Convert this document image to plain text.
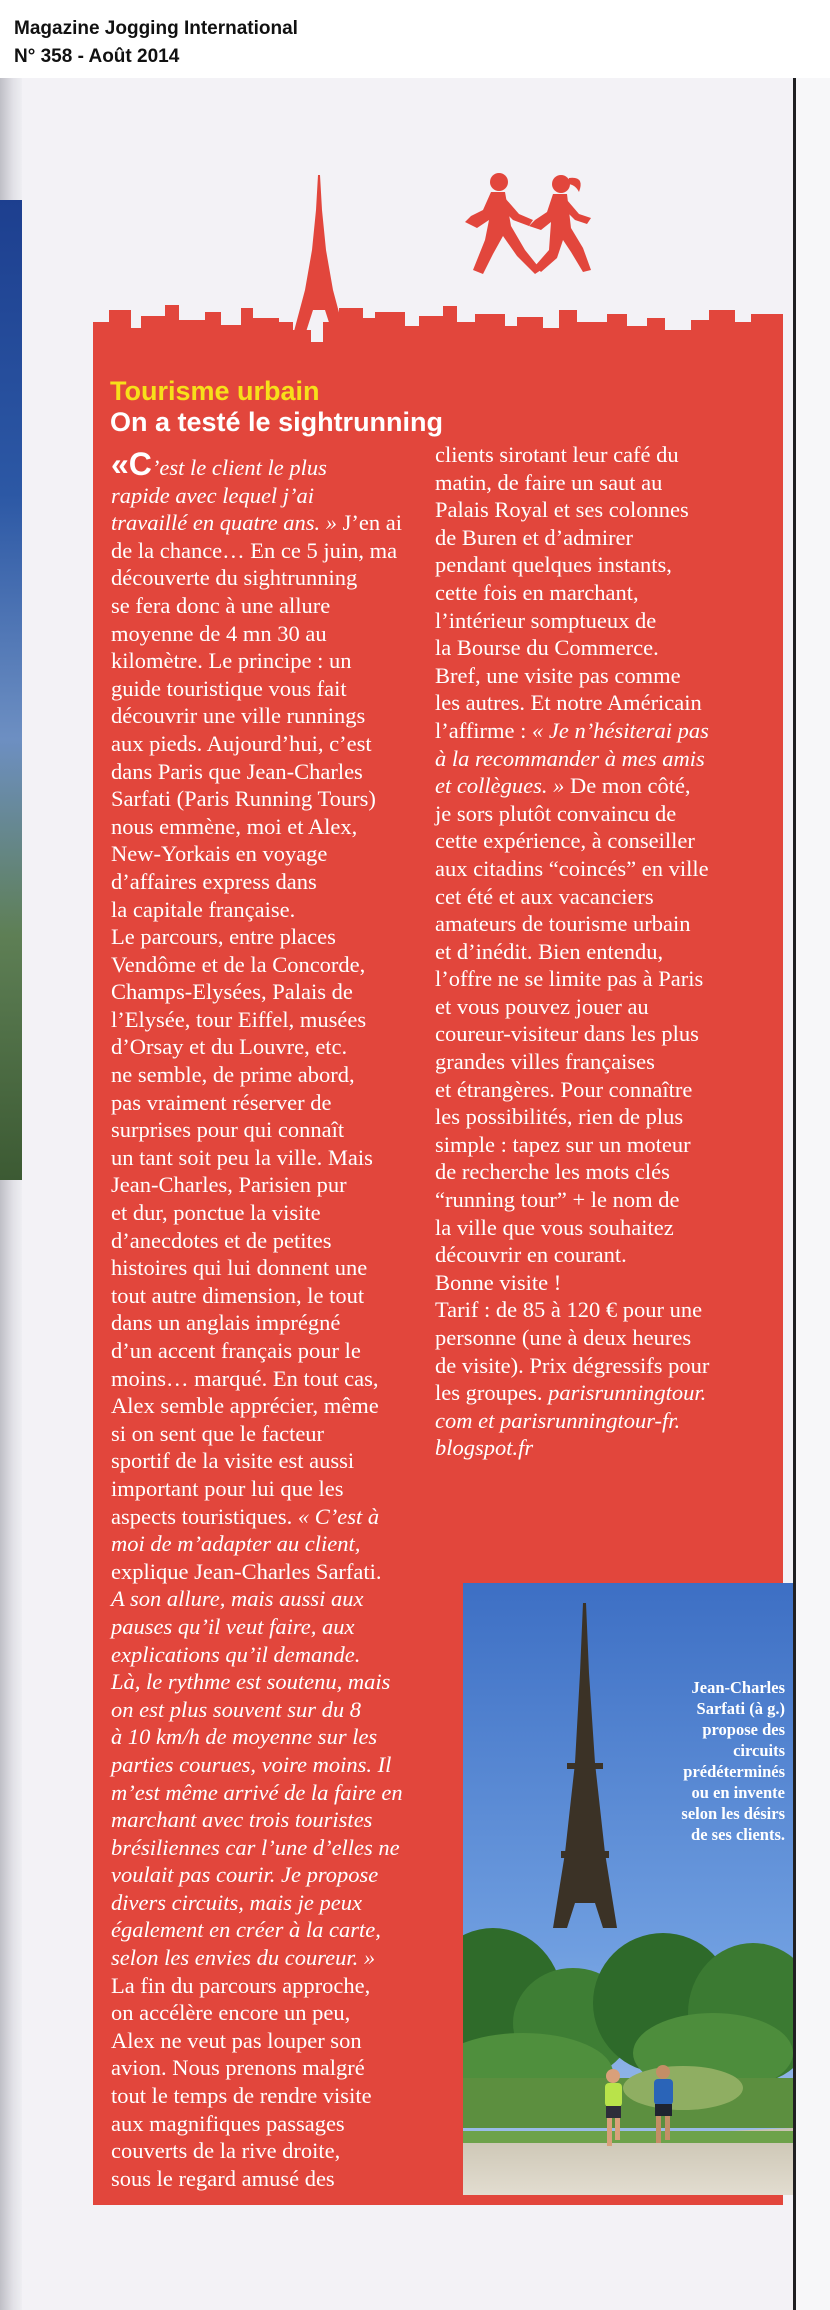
Magazine Jogging International
N° 358 - Août 2014
Tourisme urbain
On a testé le sightrunning

«C’est le client le plus

rapide avec lequel j’ai

travaillé en quatre ans. » J’en ai

de la chance… En ce 5 juin, ma

découverte du sightrunning

se fera donc à une allure

moyenne de 4 mn 30 au

kilomètre. Le principe : un

guide touristique vous fait

découvrir une ville runnings

aux pieds. Aujourd’hui, c’est

dans Paris que Jean-Charles

Sarfati (Paris Running Tours)

nous emmène, moi et Alex,

New-Yorkais en voyage

d’affaires express dans

la capitale française.

Le parcours, entre places

Vendôme et de la Concorde,

Champs-Elysées, Palais de

l’Elysée, tour Eiffel, musées

d’Orsay et du Louvre, etc.

ne semble, de prime abord,

pas vraiment réserver de

surprises pour qui connaît

un tant soit peu la ville. Mais

Jean-Charles, Parisien pur

et dur, ponctue la visite

d’anecdotes et de petites

histoires qui lui donnent une

tout autre dimension, le tout

dans un anglais imprégné

d’un accent français pour le

moins… marqué. En tout cas,

Alex semble apprécier, même

si on sent que le facteur

sportif de la visite est aussi

important pour lui que les

aspects touristiques. « C’est à

moi de m’adapter au client,

explique Jean-Charles Sarfati.

A son allure, mais aussi aux

pauses qu’il veut faire, aux

explications qu’il demande.

Là, le rythme est soutenu, mais

on est plus souvent sur du 8

à 10 km/h de moyenne sur les

parties courues, voire moins. Il

m’est même arrivé de la faire en

marchant avec trois touristes

brésiliennes car l’une d’elles ne

voulait pas courir. Je propose

divers circuits, mais je peux

également en créer à la carte,

selon les envies du coureur. »

La fin du parcours approche,

on accélère encore un peu,

Alex ne veut pas louper son

avion. Nous prenons malgré

tout le temps de rendre visite

aux magnifiques passages

couverts de la rive droite,

sous le regard amusé des

clients sirotant leur café du

matin, de faire un saut au

Palais Royal et ses colonnes

de Buren et d’admirer

pendant quelques instants,

cette fois en marchant,

l’intérieur somptueux de

la Bourse du Commerce.

Bref, une visite pas comme

les autres. Et notre Américain

l’affirme : « Je n’hésiterai pas

à la recommander à mes amis

et collègues. » De mon côté,

je sors plutôt convaincu de

cette expérience, à conseiller

aux citadins “coincés” en ville

cet été et aux vacanciers

amateurs de tourisme urbain

et d’inédit. Bien entendu,

l’offre ne se limite pas à Paris

et vous pouvez jouer au

coureur-visiteur dans les plus

grandes villes françaises

et étrangères. Pour connaître

les possibilités, rien de plus

simple : tapez sur un moteur

de recherche les mots clés

“running tour” + le nom de

la ville que vous souhaitez

découvrir en courant.

Bonne visite !

Tarif : de 85 à 120 € pour une

personne (une à deux heures

de visite). Prix dégressifs pour

les groupes. parisrunningtour.

com et parisrunningtour-fr.

blogspot.fr

Jean-Charles
Sarfati (à g.)
propose des
circuits
prédéterminés
ou en invente
selon les désirs
de ses clients.
